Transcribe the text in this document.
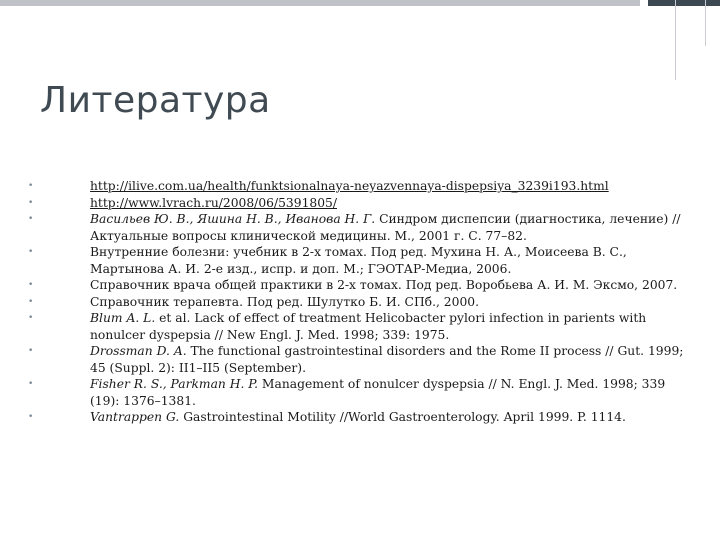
Литература
•	http://ilive.com.ua/health/funktsionalnaya-neyazvennaya-dispepsiya_3239i193.html
•	http://www.lvrach.ru/2008/06/5391805/
•	Васильев Ю. В., Яшина Н. В., Иванова Н. Г. Синдром диспепсии (диагностика, лечение) // Актуальные вопросы клинической медицины. М., 2001 г. С. 77–82.
•	Внутренние болезни: учебник в 2-х томах. Под ред. Мухина Н. А., Моисеева В. С., Мартынова А. И. 2-е изд., испр. и доп. М.; ГЭОТАР-Медиа, 2006.
•	Справочник врача общей практики в 2-х томах. Под ред. Воробьева А. И. М. Эксмо, 2007.
•	Справочник терапевта. Под ред. Шулутко Б. И. СПб., 2000.
•	Blum A. L. et al. Lack of effect of treatment Helicobacter pylori infection in parients with nonulcer dyspepsia // New Engl. J. Med. 1998; 339: 1975.
•	Drossman D. A. The functional gastrointestinal disorders and the Rome II process // Gut. 1999; 45 (Suppl. 2): II1–II5 (September).
•	Fisher R. S., Parkman H. P. Management of nonulcer dyspepsia // N. Engl. J. Med. 1998; 339 (19): 1376–1381.
•	Vantrappen G. Gastrointestinal Motility //World Gastroenterology. April 1999. P. 1114.
